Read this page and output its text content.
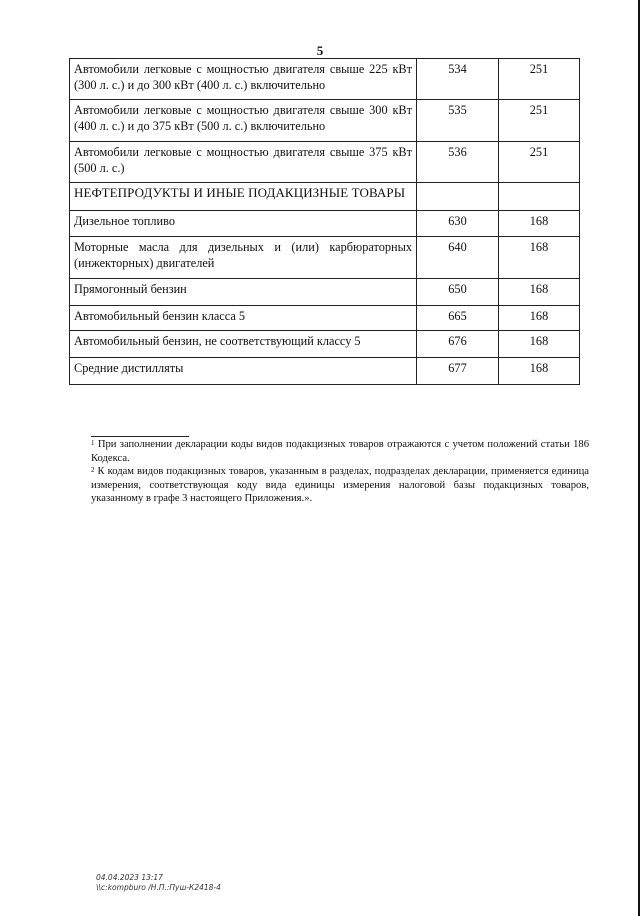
5
Автомобили легковые с мощностью двигателя свыше 225 кВт (300 л. с.) и до 300 кВт (400 л. с.) включительно	534	251
Автомобили легковые с мощностью двигателя свыше 300 кВт (400 л. с.) и до 375 кВт (500 л. с.) включительно	535	251
Автомобили легковые с мощностью двигателя свыше 375 кВт (500 л. с.)	536	251
НЕФТЕПРОДУКТЫ И ИНЫЕ ПОДАКЦИЗНЫЕ ТОВАРЫ		
Дизельное топливо	630	168
Моторные масла для дизельных и (или) карбюраторных (инжекторных) двигателей	640	168
Прямогонный бензин	650	168
Автомобильный бензин класса 5	665	168
Автомобильный бензин, не соответствующий классу 5	676	168
Средние дистилляты	677	168

$^1$ При заполнении декларации коды видов подакцизных товаров отражаются с учетом положений статьи 186 Кодекса.

$^2$ К кодам видов подакцизных товаров, указанным в разделах, подразделах декларации, применяется единица измерения, соответствующая коду вида единицы измерения налоговой базы подакцизных товаров, указанному в графе 3 настоящего Приложения.».

04.04.2023 13:17
\\c:kompburo /Н.П.:Пуш-К2418-4
